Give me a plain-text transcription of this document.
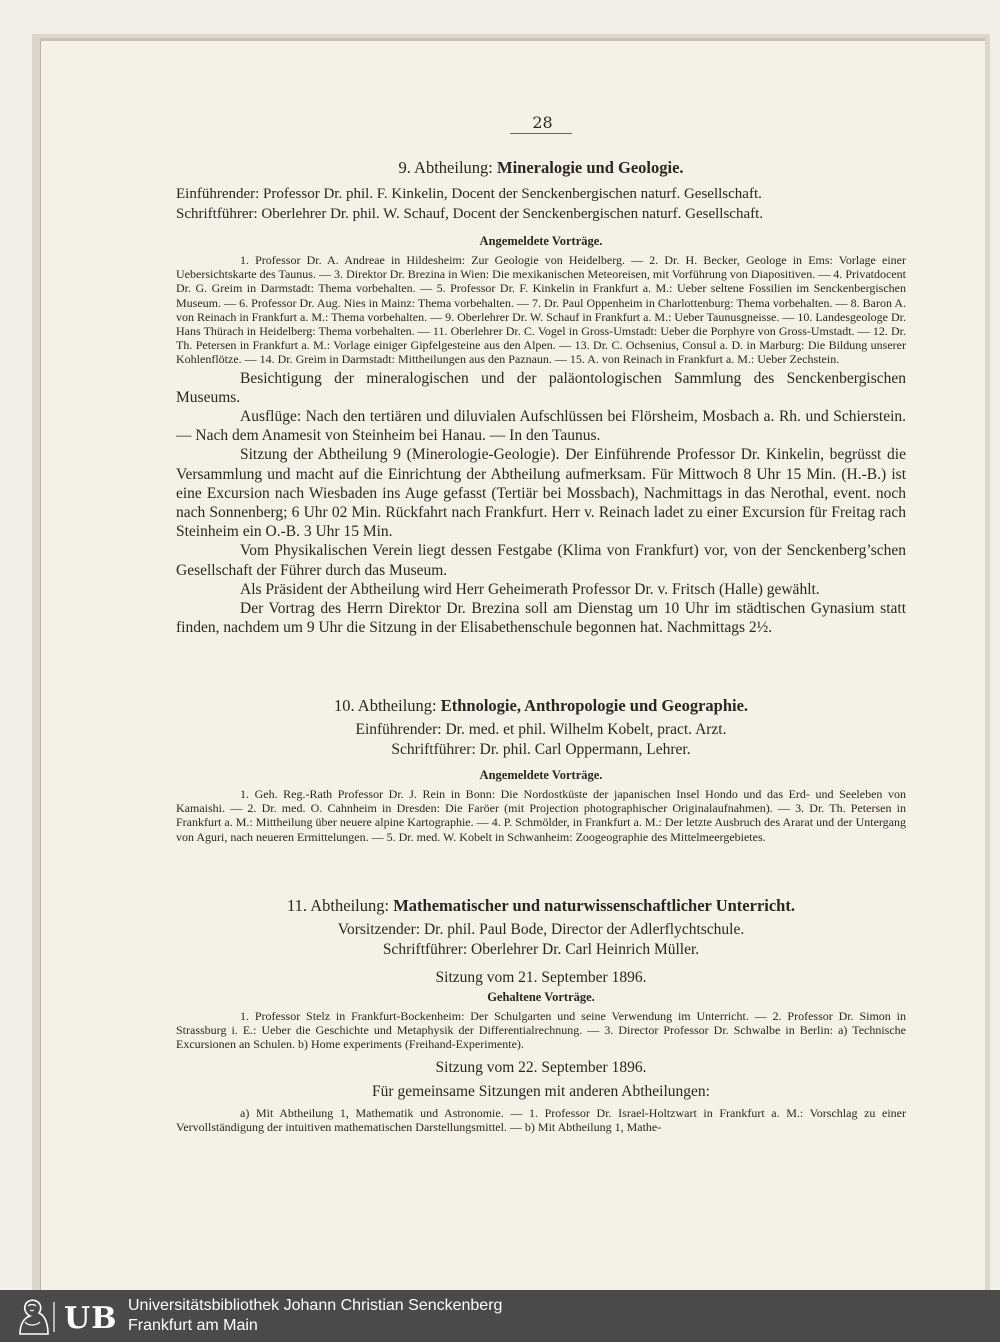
28
9. Abtheilung: Mineralogie und Geologie.
Einführender: Professor Dr. phil. F. Kinkelin, Docent der Senckenbergischen naturf. Gesellschaft.
Schriftführer: Oberlehrer Dr. phil. W. Schauf, Docent der Senckenbergischen naturf. Gesellschaft.
Angemeldete Vorträge.
1. Professor Dr. A. Andreae in Hildesheim: Zur Geologie von Heidelberg. — 2. Dr. H. Becker, Geologe in Ems: Vorlage einer Uebersichtskarte des Taunus. — 3. Direktor Dr. Brezina in Wien: Die mexikanischen Meteoreisen, mit Vorführung von Diapositiven. — 4. Privatdocent Dr. G. Greim in Darmstadt: Thema vorbehalten. — 5. Professor Dr. F. Kinkelin in Frankfurt a. M.: Ueber seltene Fossilien im Senckenbergischen Museum. — 6. Professor Dr. Aug. Nies in Mainz: Thema vorbehalten. — 7. Dr. Paul Oppenheim in Charlottenburg: Thema vorbehalten. — 8. Baron A. von Reinach in Frankfurt a. M.: Thema vorbehalten. — 9. Oberlehrer Dr. W. Schauf in Frankfurt a. M.: Ueber Taunusgneisse. — 10. Landesgeologe Dr. Hans Thürach in Heidelberg: Thema vorbehalten. — 11. Oberlehrer Dr. C. Vogel in Gross-Umstadt: Ueber die Porphyre von Gross-Umstadt. — 12. Dr. Th. Petersen in Frankfurt a. M.: Vorlage einiger Gipfelgesteine aus den Alpen. — 13. Dr. C. Ochsenius, Consul a. D. in Marburg: Die Bildung unserer Kohlenflötze. — 14. Dr. Greim in Darmstadt: Mittheilungen aus den Paznaun. — 15. A. von Reinach in Frankfurt a. M.: Ueber Zechstein.
Besichtigung der mineralogischen und der paläontologischen Sammlung des Senckenbergischen Museums.
Ausflüge: Nach den tertiären und diluvialen Aufschlüssen bei Flörsheim, Mosbach a. Rh. und Schierstein. — Nach dem Anamesit von Steinheim bei Hanau. — In den Taunus.
Sitzung der Abtheilung 9 (Minerologie-Geologie). Der Einführende Professor Dr. Kinkelin, begrüsst die Versammlung und macht auf die Einrichtung der Abtheilung aufmerksam. Für Mittwoch 8 Uhr 15 Min. (H.-B.) ist eine Excursion nach Wiesbaden ins Auge gefasst (Tertiär bei Mossbach), Nachmittags in das Nerothal, event. noch nach Sonnenberg; 6 Uhr 02 Min. Rückfahrt nach Frankfurt. Herr v. Reinach ladet zu einer Excursion für Freitag rach Steinheim ein O.-B. 3 Uhr 15 Min.
Vom Physikalischen Verein liegt dessen Festgabe (Klima von Frankfurt) vor, von der Senckenberg’schen Gesellschaft der Führer durch das Museum.
Als Präsident der Abtheilung wird Herr Geheimerath Professor Dr. v. Fritsch (Halle) gewählt.
Der Vortrag des Herrn Direktor Dr. Brezina soll am Dienstag um 10 Uhr im städtischen Gynasium statt finden, nachdem um 9 Uhr die Sitzung in der Elisabethenschule begonnen hat. Nachmittags 2½.
10. Abtheilung: Ethnologie, Anthropologie und Geographie.
Einführender: Dr. med. et phil. Wilhelm Kobelt, pract. Arzt.
Schriftführer: Dr. phil. Carl Oppermann, Lehrer.
Angemeldete Vorträge.
1. Geh. Reg.-Rath Professor Dr. J. Rein in Bonn: Die Nordostküste der japanischen Insel Hondo und das Erd- und Seeleben von Kamaishi. — 2. Dr. med. O. Cahnheim in Dresden: Die Faröer (mit Projection photographischer Originalaufnahmen). — 3. Dr. Th. Petersen in Frankfurt a. M.: Mittheilung über neuere alpine Kartographie. — 4. P. Schmölder, in Frankfurt a. M.: Der letzte Ausbruch des Ararat und der Untergang von Aguri, nach neueren Ermittelungen. — 5. Dr. med. W. Kobelt in Schwanheim: Zoogeographie des Mittelmeergebietes.
11. Abtheilung: Mathematischer und naturwissenschaftlicher Unterricht.
Vorsitzender: Dr. phil. Paul Bode, Director der Adlerflychtschule.
Schriftführer: Oberlehrer Dr. Carl Heinrich Müller.
Sitzung vom 21. September 1896.
Gehaltene Vorträge.
1. Professor Stelz in Frankfurt-Bockenheim: Der Schulgarten und seine Verwendung im Unterricht. — 2. Professor Dr. Simon in Strassburg i. E.: Ueber die Geschichte und Metaphysik der Differentialrechnung. — 3. Director Professor Dr. Schwalbe in Berlin: a) Technische Excursionen an Schulen. b) Home experiments (Freihand-Experimente).
Sitzung vom 22. September 1896.
Für gemeinsame Sitzungen mit anderen Abtheilungen:
a) Mit Abtheilung 1, Mathematik und Astronomie. — 1. Professor Dr. Israel-Holtzwart in Frankfurt a. M.: Vorschlag zu einer Vervollständigung der intuitiven mathematischen Darstellungsmittel. — b) Mit Abtheilung 1, Mathe-
UB Universitätsbibliothek Johann Christian Senckenberg
Frankfurt am Main
